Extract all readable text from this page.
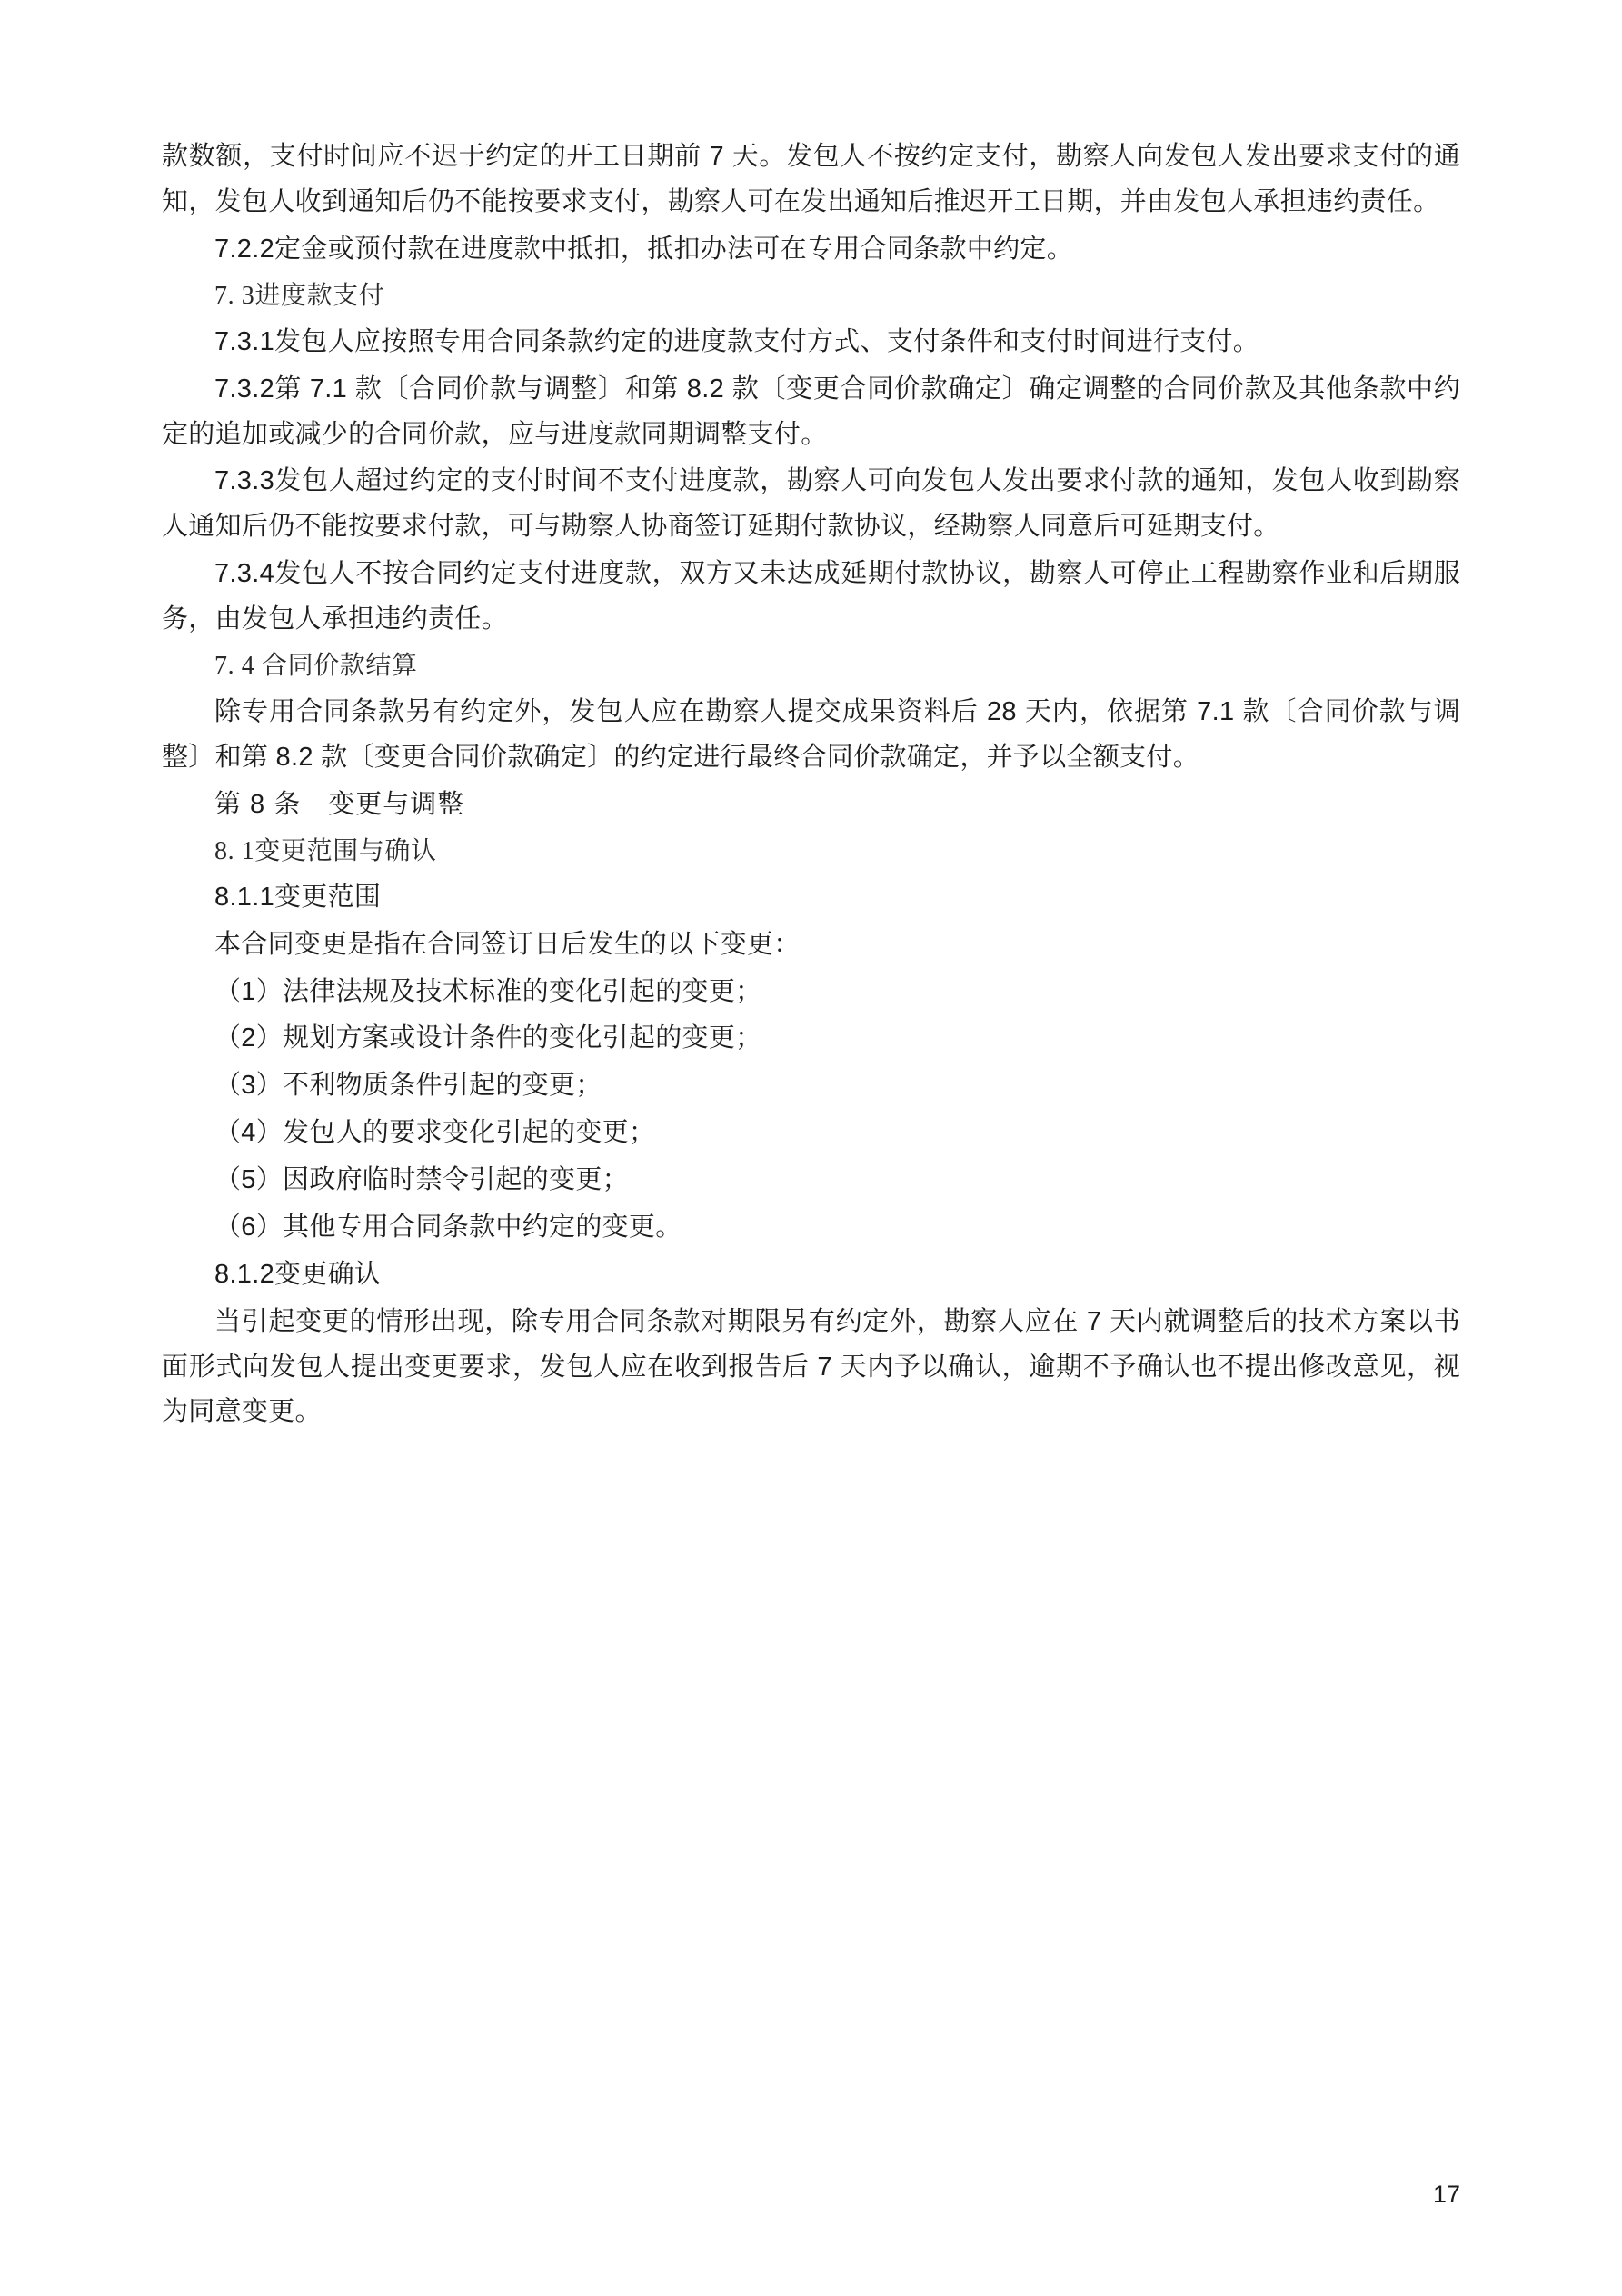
款数额，支付时间应不迟于约定的开工日期前 7 天。发包人不按约定支付，勘察人向发包人发出要求支付的通知，发包人收到通知后仍不能按要求支付，勘察人可在发出通知后推迟开工日期，并由发包人承担违约责任。

7.2.2定金或预付款在进度款中抵扣，抵扣办法可在专用合同条款中约定。

7. 3进度款支付

7.3.1发包人应按照专用合同条款约定的进度款支付方式、支付条件和支付时间进行支付。

7.3.2第 7.1 款〔合同价款与调整〕和第 8.2 款〔变更合同价款确定〕确定调整的合同价款及其他条款中约定的追加或减少的合同价款，应与进度款同期调整支付。

7.3.3发包人超过约定的支付时间不支付进度款，勘察人可向发包人发出要求付款的通知，发包人收到勘察人通知后仍不能按要求付款，可与勘察人协商签订延期付款协议，经勘察人同意后可延期支付。

7.3.4发包人不按合同约定支付进度款，双方又未达成延期付款协议，勘察人可停止工程勘察作业和后期服务，由发包人承担违约责任。

7. 4 合同价款结算

除专用合同条款另有约定外，发包人应在勘察人提交成果资料后 28 天内，依据第 7.1 款〔合同价款与调整〕和第 8.2 款〔变更合同价款确定〕的约定进行最终合同价款确定，并予以全额支付。

第 8 条　变更与调整

8. 1变更范围与确认

8.1.1变更范围

本合同变更是指在合同签订日后发生的以下变更：

（1）法律法规及技术标准的变化引起的变更；

（2）规划方案或设计条件的变化引起的变更；

（3）不利物质条件引起的变更；

（4）发包人的要求变化引起的变更；

（5）因政府临时禁令引起的变更；

（6）其他专用合同条款中约定的变更。

8.1.2变更确认

当引起变更的情形出现，除专用合同条款对期限另有约定外，勘察人应在 7 天内就调整后的技术方案以书面形式向发包人提出变更要求，发包人应在收到报告后 7 天内予以确认，逾期不予确认也不提出修改意见，视为同意变更。

17
